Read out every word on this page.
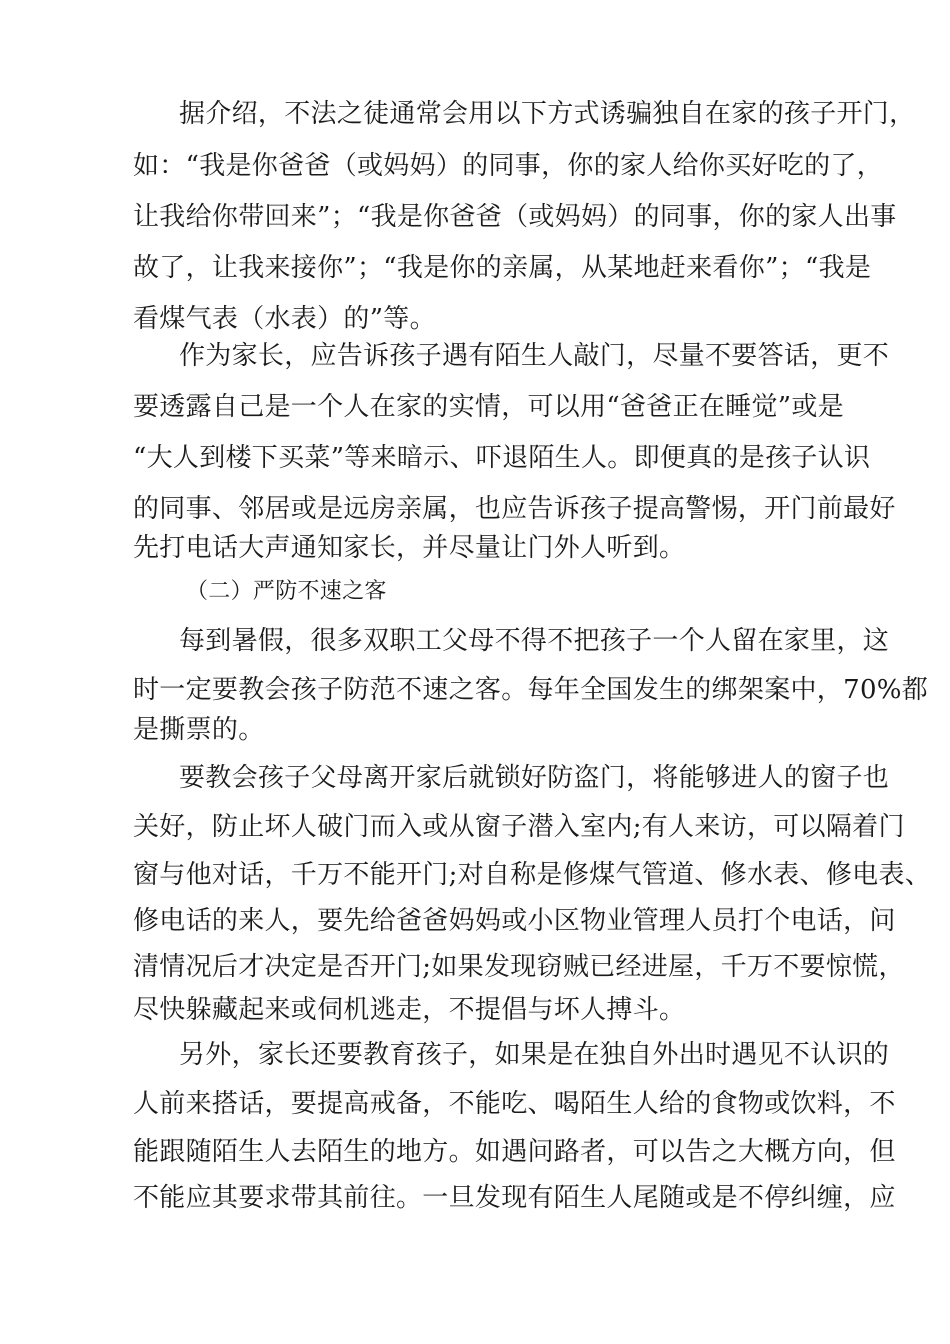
据介绍，不法之徒通常会用以下方式诱骗独自在家的孩子开门，
如：“我是你爸爸（或妈妈）的同事，你的家人给你买好吃的了，
让我给你带回来”；“我是你爸爸（或妈妈）的同事，你的家人出事
故了，让我来接你”；“我是你的亲属，从某地赶来看你”；“我是
看煤气表（水表）的”等。
作为家长，应告诉孩子遇有陌生人敲门，尽量不要答话，更不
要透露自己是一个人在家的实情，可以用“爸爸正在睡觉”或是
“大人到楼下买菜”等来暗示、吓退陌生人。即便真的是孩子认识
的同事、邻居或是远房亲属，也应告诉孩子提高警惕，开门前最好
先打电话大声通知家长，并尽量让门外人听到。
（二）严防不速之客
每到暑假，很多双职工父母不得不把孩子一个人留在家里，这
时一定要教会孩子防范不速之客。每年全国发生的绑架案中，70%都
是撕票的。
要教会孩子父母离开家后就锁好防盗门，将能够进人的窗子也
关好，防止坏人破门而入或从窗子潜入室内;有人来访，可以隔着门
窗与他对话，千万不能开门;对自称是修煤气管道、修水表、修电表、
修电话的来人，要先给爸爸妈妈或小区物业管理人员打个电话，问
清情况后才决定是否开门;如果发现窃贼已经进屋，千万不要惊慌，
尽快躲藏起来或伺机逃走，不提倡与坏人搏斗。
另外，家长还要教育孩子，如果是在独自外出时遇见不认识的
人前来搭话，要提高戒备，不能吃、喝陌生人给的食物或饮料，不
能跟随陌生人去陌生的地方。如遇问路者，可以告之大概方向，但
不能应其要求带其前往。一旦发现有陌生人尾随或是不停纠缠，应
